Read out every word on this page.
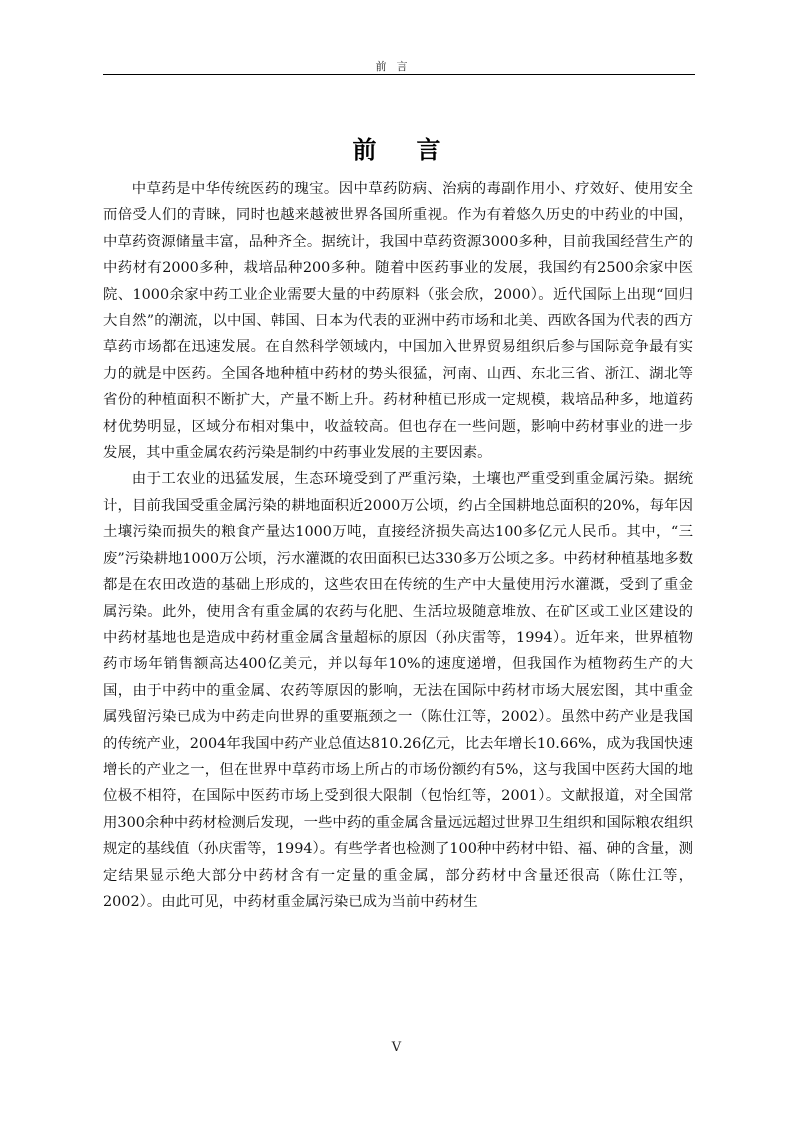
前言
前言

中草药是中华传统医药的瑰宝。因中草药防病、治病的毒副作用小、疗效好、使用安全而倍受人们的青睐，同时也越来越被世界各国所重视。作为有着悠久历史的中药业的中国，中草药资源储量丰富，品种齐全。据统计，我国中草药资源3000多种，目前我国经营生产的中药材有2000多种，栽培品种200多种。随着中医药事业的发展，我国约有2500余家中医院、1000余家中药工业企业需要大量的中药原料（张会欣，2000）。近代国际上出现“回归大自然”的潮流，以中国、韩国、日本为代表的亚洲中药市场和北美、西欧各国为代表的西方草药市场都在迅速发展。在自然科学领域内，中国加入世界贸易组织后参与国际竞争最有实力的就是中医药。全国各地种植中药材的势头很猛，河南、山西、东北三省、浙江、湖北等省份的种植面积不断扩大，产量不断上升。药材种植已形成一定规模，栽培品种多，地道药材优势明显，区域分布相对集中，收益较高。但也存在一些问题，影响中药材事业的进一步发展，其中重金属农药污染是制约中药事业发展的主要因素。

由于工农业的迅猛发展，生态环境受到了严重污染，土壤也严重受到重金属污染。据统计，目前我国受重金属污染的耕地面积近2000万公顷，约占全国耕地总面积的20%，每年因土壤污染而损失的粮食产量达1000万吨，直接经济损失高达100多亿元人民币。其中，“三废”污染耕地1000万公顷，污水灌溉的农田面积已达330多万公顷之多。中药材种植基地多数都是在农田改造的基础上形成的，这些农田在传统的生产中大量使用污水灌溉，受到了重金属污染。此外，使用含有重金属的农药与化肥、生活垃圾随意堆放、在矿区或工业区建设的中药材基地也是造成中药材重金属含量超标的原因（孙庆雷等，1994）。近年来，世界植物药市场年销售额高达400亿美元，并以每年10%的速度递增，但我国作为植物药生产的大国，由于中药中的重金属、农药等原因的影响，无法在国际中药材市场大展宏图，其中重金属残留污染已成为中药走向世界的重要瓶颈之一（陈仕江等，2002）。虽然中药产业是我国的传统产业，2004年我国中药产业总值达810.26亿元，比去年增长10.66%，成为我国快速增长的产业之一，但在世界中草药市场上所占的市场份额约有5%，这与我国中医药大国的地位极不相符，在国际中医药市场上受到很大限制（包怡红等，2001）。文献报道，对全国常用300余种中药材检测后发现，一些中药的重金属含量远远超过世界卫生组织和国际粮农组织规定的基线值（孙庆雷等，1994）。有些学者也检测了100种中药材中铅、福、砷的含量，测定结果显示绝大部分中药材含有一定量的重金属，部分药材中含量还很高（陈仕江等，2002）。由此可见，中药材重金属污染已成为当前中药材生

V
